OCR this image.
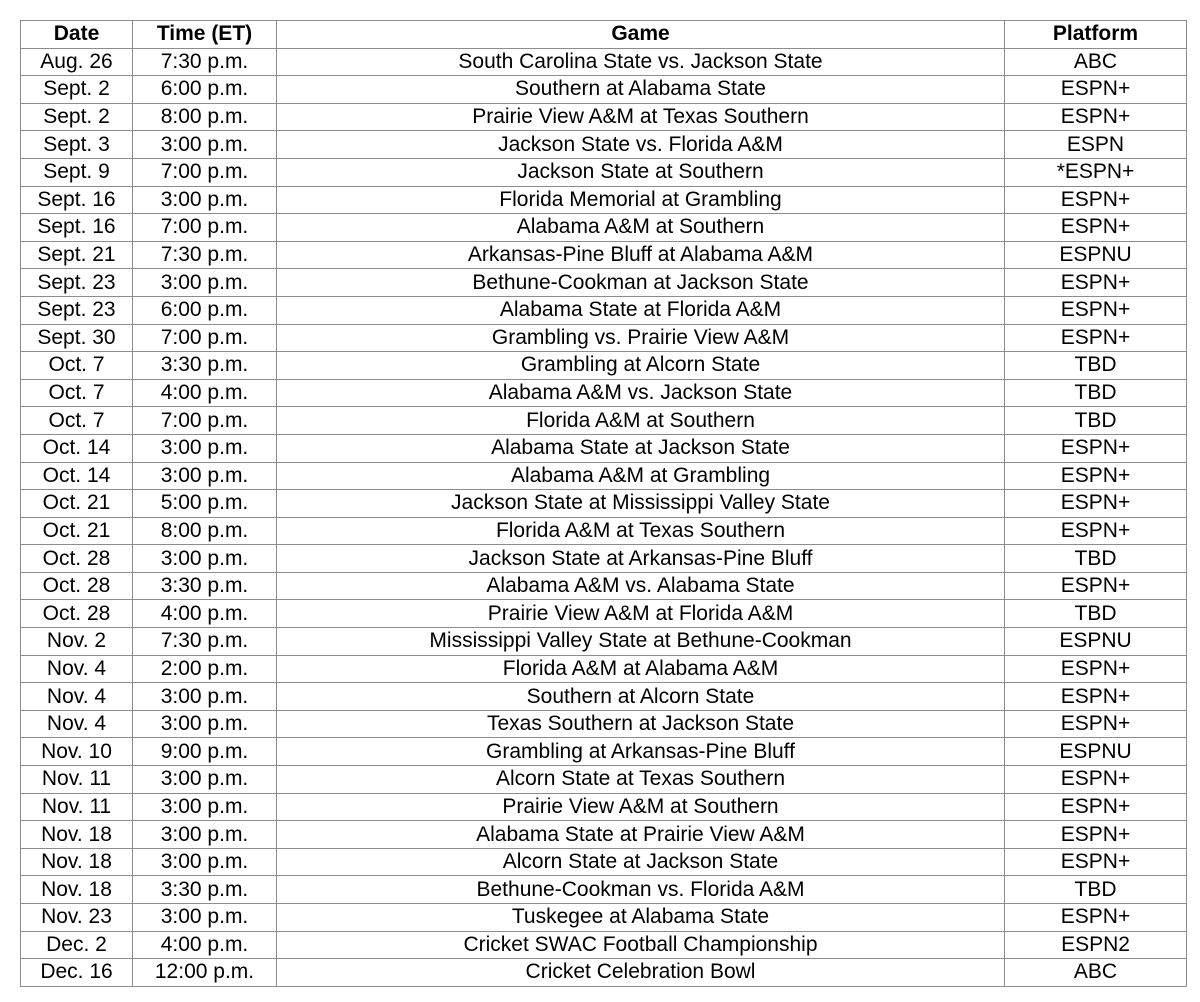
Date	Time (ET)	Game	Platform
Aug. 26	7:30 p.m.	South Carolina State vs. Jackson State	ABC
Sept. 2	6:00 p.m.	Southern at Alabama State	ESPN+
Sept. 2	8:00 p.m.	Prairie View A&M at Texas Southern	ESPN+
Sept. 3	3:00 p.m.	Jackson State vs. Florida A&M	ESPN
Sept. 9	7:00 p.m.	Jackson State at Southern	*ESPN+
Sept. 16	3:00 p.m.	Florida Memorial at Grambling	ESPN+
Sept. 16	7:00 p.m.	Alabama A&M at Southern	ESPN+
Sept. 21	7:30 p.m.	Arkansas-Pine Bluff at Alabama A&M	ESPNU
Sept. 23	3:00 p.m.	Bethune-Cookman at Jackson State	ESPN+
Sept. 23	6:00 p.m.	Alabama State at Florida A&M	ESPN+
Sept. 30	7:00 p.m.	Grambling vs. Prairie View A&M	ESPN+
Oct. 7	3:30 p.m.	Grambling at Alcorn State	TBD
Oct. 7	4:00 p.m.	Alabama A&M vs. Jackson State	TBD
Oct. 7	7:00 p.m.	Florida A&M at Southern	TBD
Oct. 14	3:00 p.m.	Alabama State at Jackson State	ESPN+
Oct. 14	3:00 p.m.	Alabama A&M at Grambling	ESPN+
Oct. 21	5:00 p.m.	Jackson State at Mississippi Valley State	ESPN+
Oct. 21	8:00 p.m.	Florida A&M at Texas Southern	ESPN+
Oct. 28	3:00 p.m.	Jackson State at Arkansas-Pine Bluff	TBD
Oct. 28	3:30 p.m.	Alabama A&M vs. Alabama State	ESPN+
Oct. 28	4:00 p.m.	Prairie View A&M at Florida A&M	TBD
Nov. 2	7:30 p.m.	Mississippi Valley State at Bethune-Cookman	ESPNU
Nov. 4	2:00 p.m.	Florida A&M at Alabama A&M	ESPN+
Nov. 4	3:00 p.m.	Southern at Alcorn State	ESPN+
Nov. 4	3:00 p.m.	Texas Southern at Jackson State	ESPN+
Nov. 10	9:00 p.m.	Grambling at Arkansas-Pine Bluff	ESPNU
Nov. 11	3:00 p.m.	Alcorn State at Texas Southern	ESPN+
Nov. 11	3:00 p.m.	Prairie View A&M at Southern	ESPN+
Nov. 18	3:00 p.m.	Alabama State at Prairie View A&M	ESPN+
Nov. 18	3:00 p.m.	Alcorn State at Jackson State	ESPN+
Nov. 18	3:30 p.m.	Bethune-Cookman vs. Florida A&M	TBD
Nov. 23	3:00 p.m.	Tuskegee at Alabama State	ESPN+
Dec. 2	4:00 p.m.	Cricket SWAC Football Championship	ESPN2
Dec. 16	12:00 p.m.	Cricket Celebration Bowl	ABC
